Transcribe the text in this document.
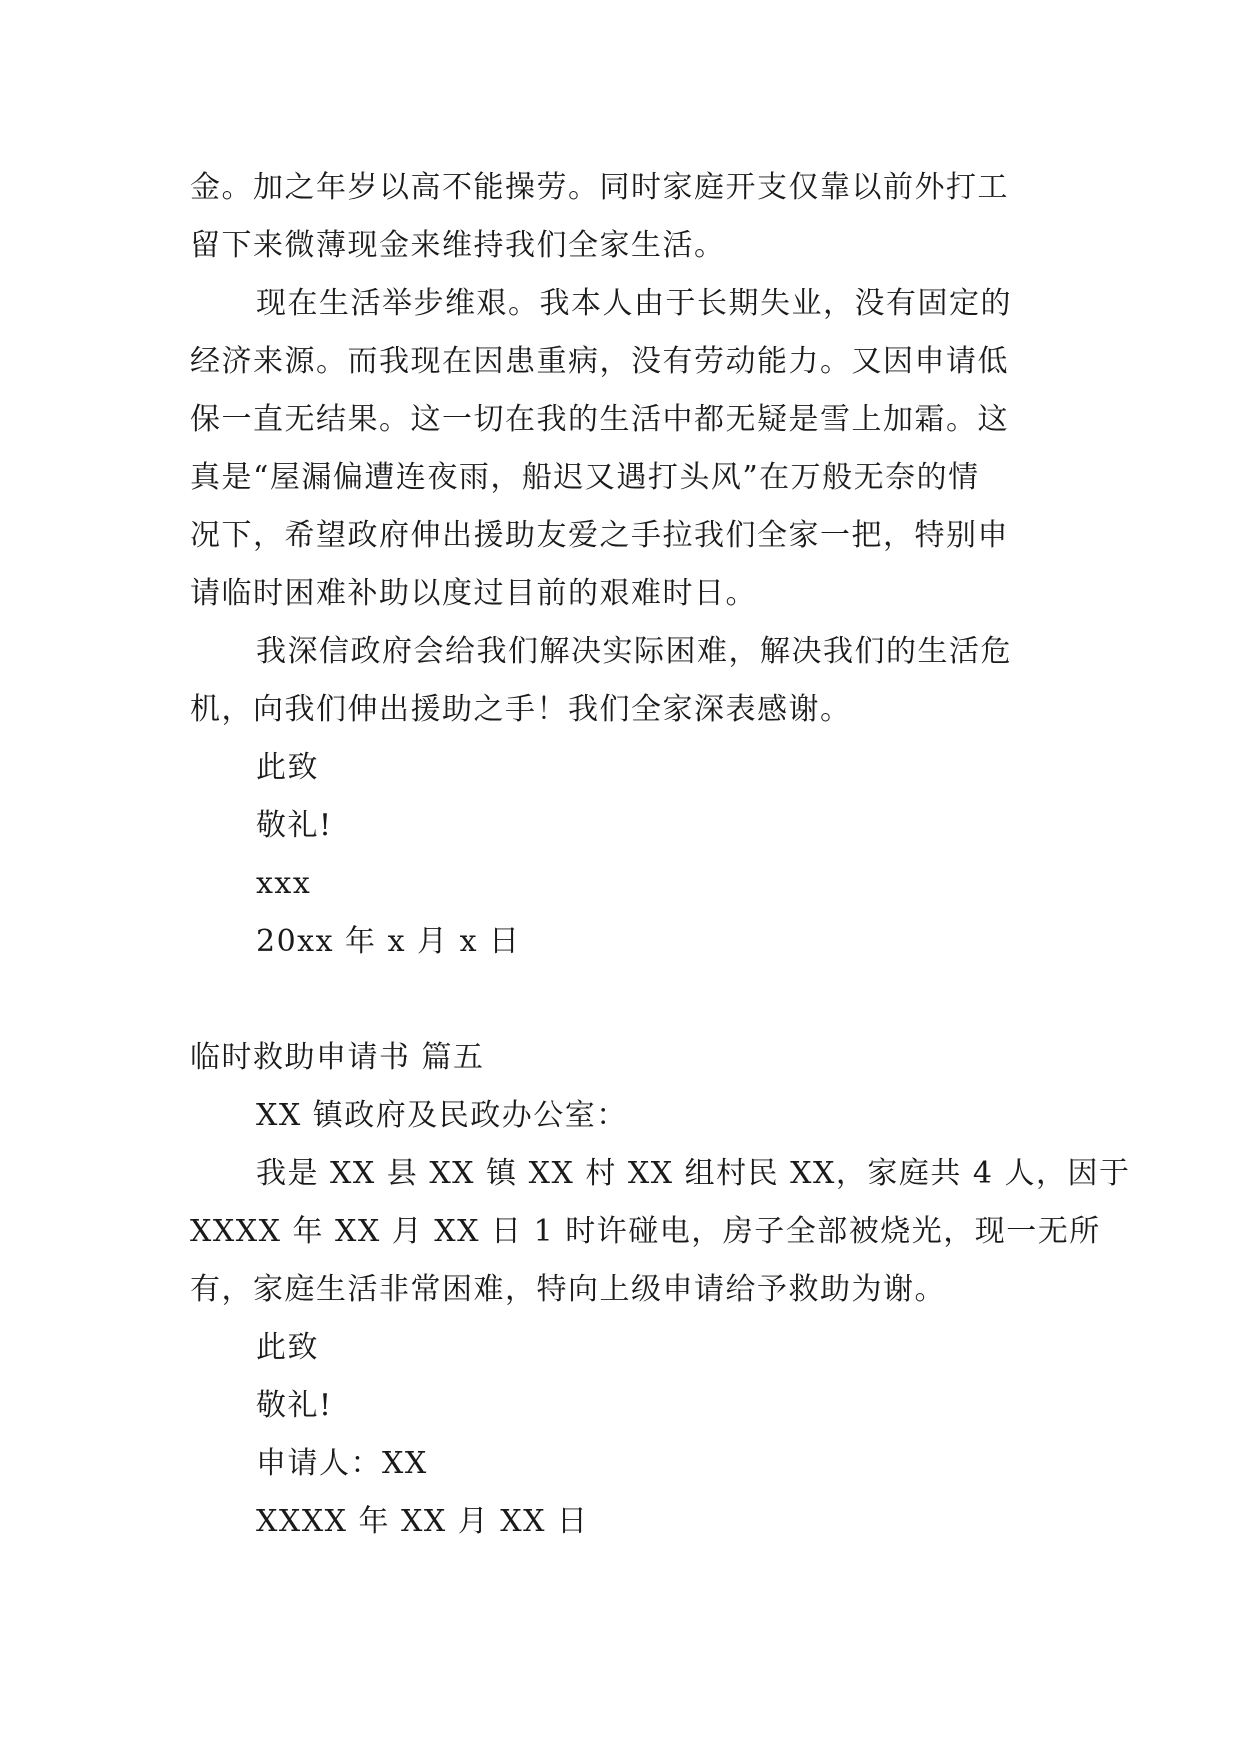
金。加之年岁以高不能操劳。同时家庭开支仅靠以前外打工
留下来微薄现金来维持我们全家生活。
现在生活举步维艰。我本人由于长期失业，没有固定的
经济来源。而我现在因患重病，没有劳动能力。又因申请低
保一直无结果。这一切在我的生活中都无疑是雪上加霜。这
真是“屋漏偏遭连夜雨，船迟又遇打头风”在万般无奈的情
况下，希望政府伸出援助友爱之手拉我们全家一把，特别申
请临时困难补助以度过目前的艰难时日。
我深信政府会给我们解决实际困难，解决我们的生活危
机，向我们伸出援助之手！我们全家深表感谢。
此致
敬礼!
xxx
20xx 年 x 月 x 日
临时救助申请书 篇五
XX 镇政府及民政办公室：
我是 XX 县 XX 镇 XX 村 XX 组村民 XX，家庭共 4 人，因于
XXXX 年 XX 月 XX 日 1 时许碰电，房子全部被烧光，现一无所
有，家庭生活非常困难，特向上级申请给予救助为谢。
此致
敬礼!
申请人：XX
XXXX 年 XX 月 XX 日
